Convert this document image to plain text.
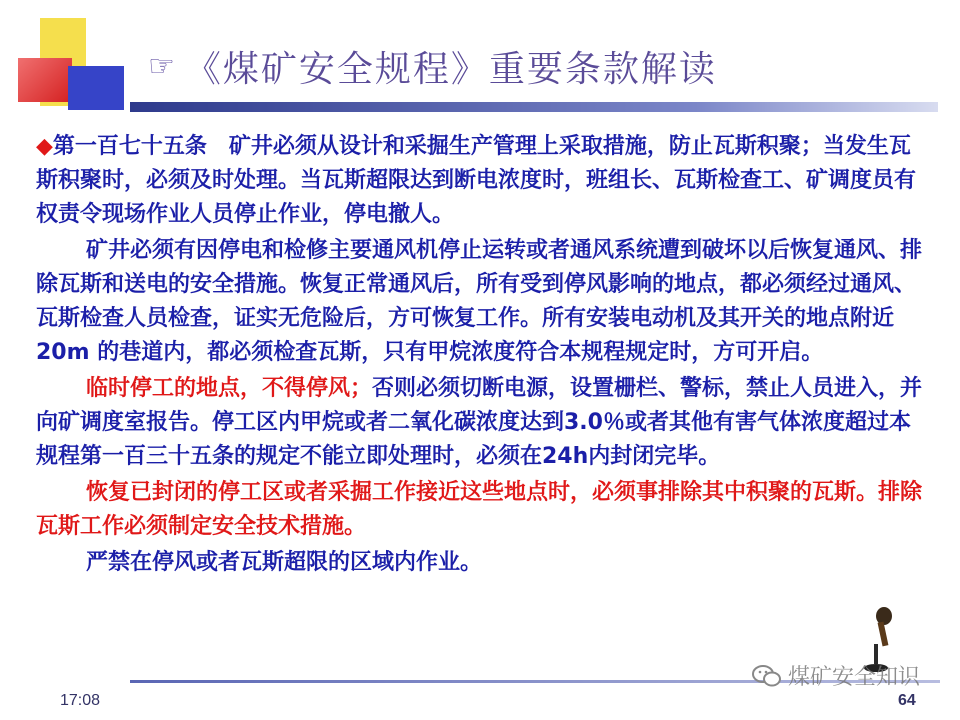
☞ 《煤矿安全规程》重要条款解读

◆第一百七十五条　矿井必须从设计和采掘生产管理上采取措施，防止瓦斯积聚；当发生瓦斯积聚时，必须及时处理。当瓦斯超限达到断电浓度时，班组长、瓦斯检查工、矿调度员有权责令现场作业人员停止作业，停电撤人。

矿井必须有因停电和检修主要通风机停止运转或者通风系统遭到破坏以后恢复通风、排除瓦斯和送电的安全措施。恢复正常通风后，所有受到停风影响的地点，都必须经过通风、瓦斯检查人员检查，证实无危险后，方可恢复工作。所有安装电动机及其开关的地点附近20m 的巷道内，都必须检查瓦斯，只有甲烷浓度符合本规程规定时，方可开启。

临时停工的地点，不得停风；否则必须切断电源，设置栅栏、警标，禁止人员进入，并向矿调度室报告。停工区内甲烷或者二氧化碳浓度达到3.0％或者其他有害气体浓度超过本规程第一百三十五条的规定不能立即处理时，必须在24h内封闭完毕。

恢复已封闭的停工区或者采掘工作接近这些地点时，必须事排除其中积聚的瓦斯。排除瓦斯工作必须制定安全技术措施。

严禁在停风或者瓦斯超限的区域内作业。

17:08	64
煤矿安全知识
